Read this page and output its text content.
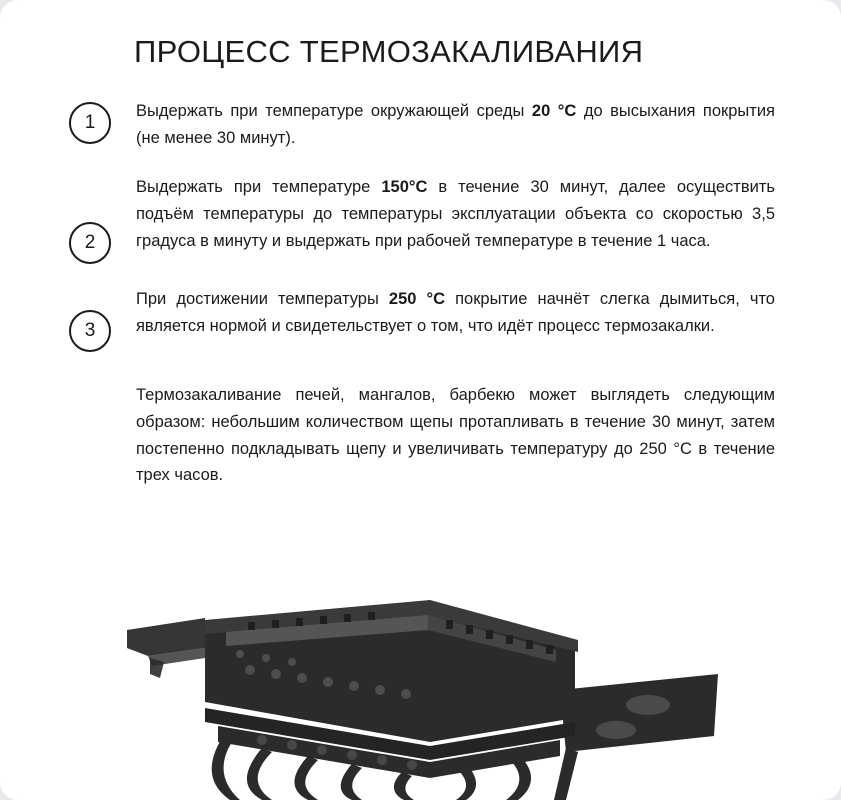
ПРОЦЕСС ТЕРМОЗАКАЛИВАНИЯ
1
Выдержать при температуре окружающей среды 20 °C до высыхания покрытия (не менее 30 минут).
2
Выдержать при температуре 150°C в течение 30 минут, далее осуществить подъём температуры до температуры эксплуатации объекта со скоростью 3,5 градуса в минуту и выдержать при рабочей температуре в течение 1 часа.
3
При достижении температуры 250 °C покрытие начнёт слегка дымиться, что является нормой и свидетельствует о том, что идёт процесс термозакалки.
Термозакаливание печей, мангалов, барбекю может выглядеть следующим образом: небольшим количеством щепы протапливать в течение 30 минут, затем постепенно подкладывать щепу и увеличивать температуру до 250 °C в течение трех часов.
